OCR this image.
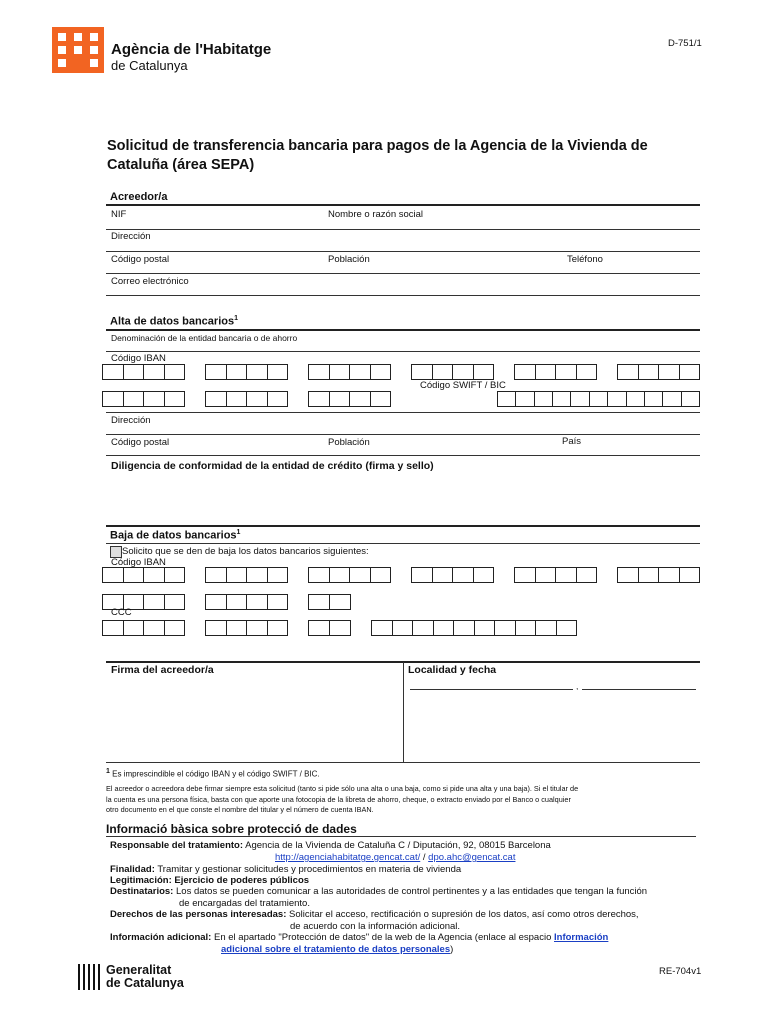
Agència de l'Habitatge
de Catalunya
D-751/1
Solicitud de transferencia bancaria para pagos de la Agencia de la Vivienda de
Cataluña (área SEPA)
Acreedor/a
NIF	Nombre o razón social
Dirección
Código postal	Población	Teléfono
Correo electrónico
Alta de datos bancarios$^1$
Denominación de la entidad bancaria o de ahorro
Código IBAN
Código SWIFT / BIC
Dirección
Código postal	Población	País
Diligencia de conformidad de la entidad de crédito (firma y sello)
Baja de datos bancarios$^1$
Solicito que se den de baja los datos bancarios siguientes:
Código IBAN
CCC
Firma del acreedor/a	Localidad y fecha
,
$^1$ Es imprescindible el código IBAN y el código SWIFT / BIC.
El acreedor o acreedora debe firmar siempre esta solicitud (tanto si pide sólo una alta o una baja, como si pide una alta y una baja). Si el titular de
la cuenta es una persona física, basta con que aporte una fotocopia de la libreta de ahorro, cheque, o extracto enviado por el Banco o cualquier
otro documento en el que conste el nombre del titular y el número de cuenta IBAN.
Informació bàsica sobre protecció de dades
Responsable del tratamiento: Agencia de la Vivienda de Cataluña C / Diputación, 92, 08015 Barcelona
http://agenciahabitatge.gencat.cat/ / dpo.ahc@gencat.cat
Finalidad: Tramitar y gestionar solicitudes y procedimientos en materia de vivienda
Legitimación: Ejercicio de poderes públicos
Destinatarios: Los datos se pueden comunicar a las autoridades de control pertinentes y a las entidades que tengan la función
de encargadas del tratamiento.
Derechos de las personas interesadas: Solicitar el acceso, rectificación o supresión de los datos, así como otros derechos,
de acuerdo con la información adicional.
Información adicional: En el apartado "Protección de datos" de la web de la Agencia (enlace al espacio Información
adicional sobre el tratamiento de datos personales)
Generalitat
de Catalunya
RE-704v1
